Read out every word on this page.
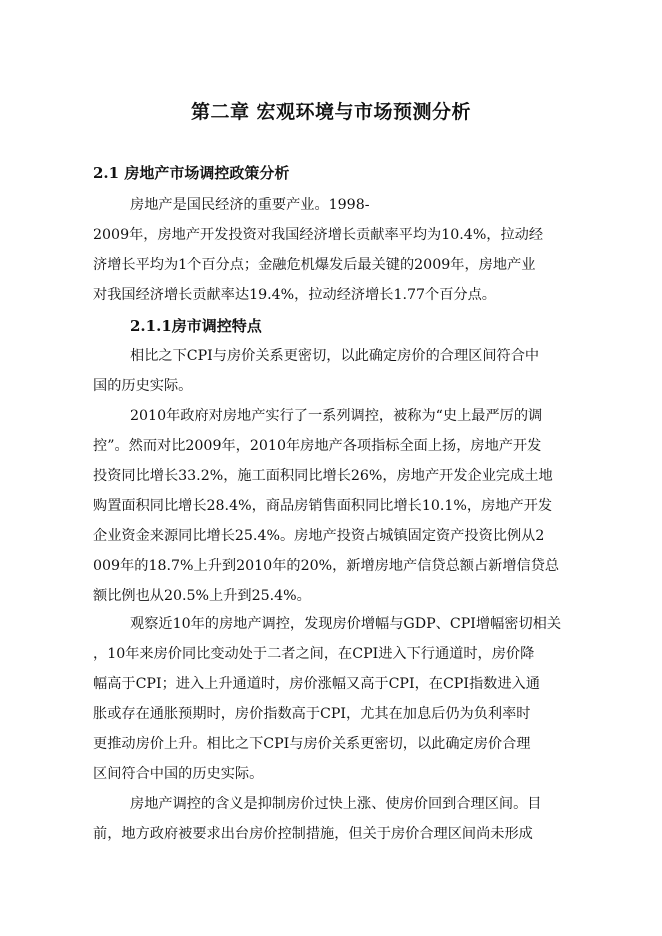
第二章 宏观环境与市场预测分析
2.1 房地产市场调控政策分析
房地产是国民经济的重要产业。1998-
2009年，房地产开发投资对我国经济增长贡献率平均为10.4%，拉动经
济增长平均为1个百分点；金融危机爆发后最关键的2009年，房地产业
对我国经济增长贡献率达19.4%，拉动经济增长1.77个百分点。
2.1.1房市调控特点
相比之下CPI与房价关系更密切，以此确定房价的合理区间符合中
国的历史实际。
2010年政府对房地产实行了一系列调控，被称为“史上最严厉的调
控”。然而对比2009年，2010年房地产各项指标全面上扬，房地产开发
投资同比增长33.2%，施工面积同比增长26%，房地产开发企业完成土地
购置面积同比增长28.4%，商品房销售面积同比增长10.1%，房地产开发
企业资金来源同比增长25.4%。房地产投资占城镇固定资产投资比例从2
009年的18.7%上升到2010年的20%，新增房地产信贷总额占新增信贷总
额比例也从20.5%上升到25.4%。
观察近10年的房地产调控，发现房价增幅与GDP、CPI增幅密切相关
，10年来房价同比变动处于二者之间，在CPI进入下行通道时，房价降
幅高于CPI；进入上升通道时，房价涨幅又高于CPI，在CPI指数进入通
胀或存在通胀预期时，房价指数高于CPI，尤其在加息后仍为负利率时
更推动房价上升。相比之下CPI与房价关系更密切，以此确定房价合理
区间符合中国的历史实际。
房地产调控的含义是抑制房价过快上涨、使房价回到合理区间。目
前，地方政府被要求出台房价控制措施，但关于房价合理区间尚未形成
